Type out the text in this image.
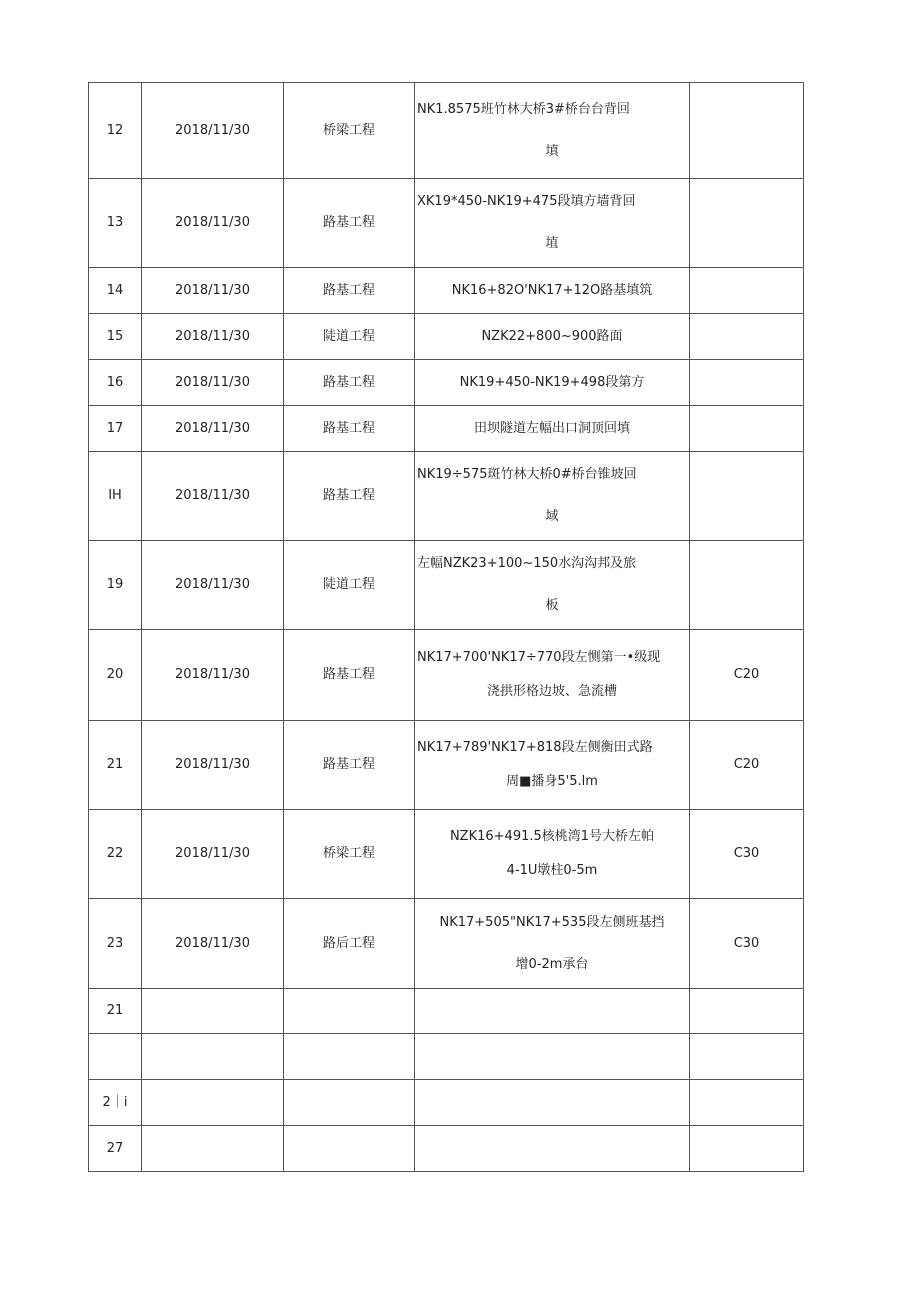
12	2018/11/30	桥梁工程	NK1.8575班竹林大桥3#桥台台背回
填	

13	2018/11/30	路基工程	XK19*450-NK19+475段填方墙背回
埴	

14	2018/11/30	路基工程	NK16+82O'NK17+12O路基填筑	

15	2018/11/30	陡道工程	NZK22+800~900路面	

16	2018/11/30	路基工程	NK19+450-NK19+498段第方	

17	2018/11/30	路基工程	田坝隧道左幅出口洞顶回填	

IH	2018/11/30	路基工程	NK19÷575斑竹林大桥0#桥台锥坡回
域	

19	2018/11/30	陡道工程	左幅NZK23+100~150水沟沟邦及旅
板	

20	2018/11/30	路基工程	NK17+700'NK17÷770段左恻第一•级现
浇拱形格边坡、急流槽	C20
21	2018/11/30	路基工程	NK17+789'NK17+818段左侧衡田式路
周■播身5'5.lm	C20
22	2018/11/30	桥梁工程	NZK16+491.5核桃湾1号大桥左帕
4-1U墩柱0-5m	C30
23	2018/11/30	路后工程	NK17+505"NK17+535段左侧班基挡
增0-2m承台	C30
21				

2｜i				
27				
